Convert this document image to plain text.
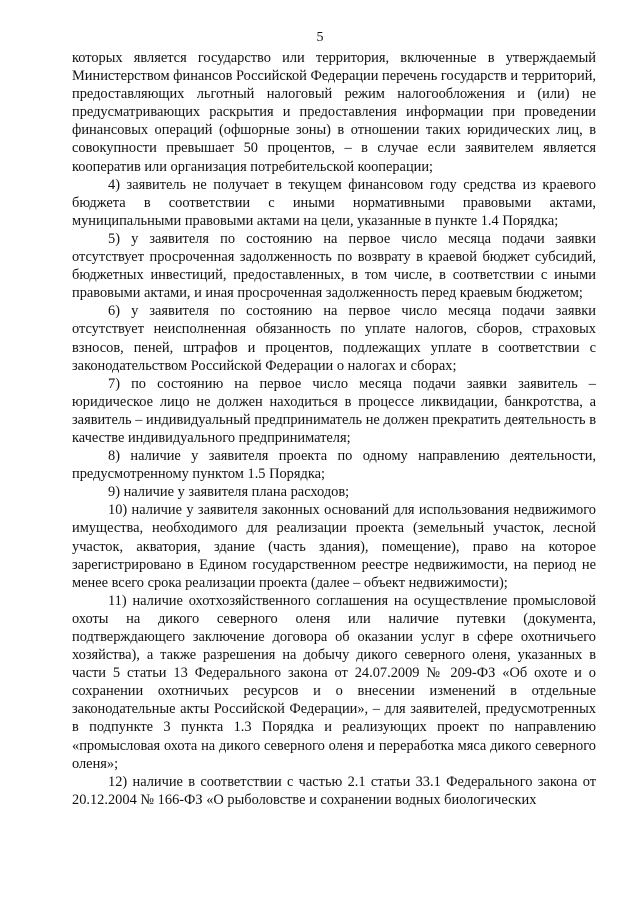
5

которых является государство или территория, включенные в утверждаемый Министерством финансов Российской Федерации перечень государств и территорий, предоставляющих льготный налоговый режим налогообложения и (или) не предусматривающих раскрытия и предоставления информации при проведении финансовых операций (офшорные зоны) в отношении таких юридических лиц, в совокупности превышает 50 процентов, – в случае если заявителем является кооператив или организация потребительской кооперации;

4) заявитель не получает в текущем финансовом году средства из краевого бюджета в соответствии с иными нормативными правовыми актами, муниципальными правовыми актами на цели, указанные в пункте 1.4 Порядка;

5) у заявителя по состоянию на первое число месяца подачи заявки отсутствует просроченная задолженность по возврату в краевой бюджет субсидий, бюджетных инвестиций, предоставленных, в том числе, в соответствии с иными правовыми актами, и иная просроченная задолженность перед краевым бюджетом;

6) у заявителя по состоянию на первое число месяца подачи заявки отсутствует неисполненная обязанность по уплате налогов, сборов, страховых взносов, пеней, штрафов и процентов, подлежащих уплате в соответствии с законодательством Российской Федерации о налогах и сборах;

7) по состоянию на первое число месяца подачи заявки заявитель – юридическое лицо не должен находиться в процессе ликвидации, банкротства, а заявитель – индивидуальный предприниматель не должен прекратить деятельность в качестве индивидуального предпринимателя;

8) наличие у заявителя проекта по одному направлению деятельности, предусмотренному пунктом 1.5 Порядка;

9) наличие у заявителя плана расходов;

10) наличие у заявителя законных оснований для использования недвижимого имущества, необходимого для реализации проекта (земельный участок, лесной участок, акватория, здание (часть здания), помещение), право на которое зарегистрировано в Едином государственном реестре недвижимости, на период не менее всего срока реализации проекта (далее – объект недвижимости);

11) наличие охотхозяйственного соглашения на осуществление промысловой охоты на дикого северного оленя или наличие путевки (документа, подтверждающего заключение договора об оказании услуг в сфере охотничьего хозяйства), а также разрешения на добычу дикого северного оленя, указанных в части 5 статьи 13 Федерального закона от 24.07.2009 № 209-ФЗ «Об охоте и о сохранении охотничьих ресурсов и о внесении изменений в отдельные законодательные акты Российской Федерации», – для заявителей, предусмотренных в подпункте 3 пункта 1.3 Порядка и реализующих проект по направлению «промысловая охота на дикого северного оленя и переработка мяса дикого северного оленя»;

12) наличие в соответствии с частью 2.1 статьи 33.1 Федерального закона от 20.12.2004 № 166-ФЗ «О рыболовстве и сохранении водных биологических
